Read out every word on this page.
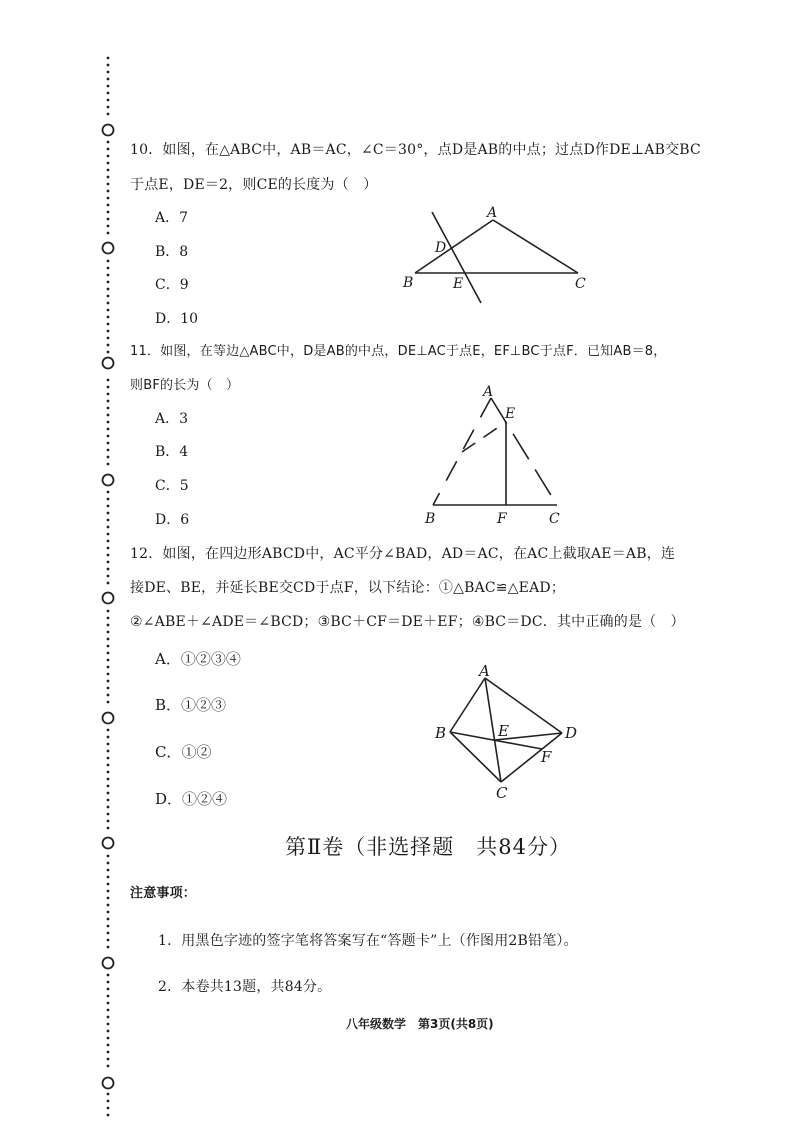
10．如图，在△ABC中，AB＝AC，∠C＝30°，点D是AB的中点；过点D作DE⊥AB交BC
于点E，DE＝2，则CE的长度为（　）
A．7
B．8
C．9
D．10
A
D
B	E	C
11．如图，在等边△ABC中，D是AB的中点，DE⊥AC于点E，EF⊥BC于点F．已知AB＝8，
则BF的长为（　）
A．3
B．4
C．5
D．6
A
E
B	F	C
12．如图，在四边形ABCD中，AC平分∠BAD，AD＝AC，在AC上截取AE＝AB，连
接DE、BE，并延长BE交CD于点F，以下结论：①△BAC≌△EAD；
②∠ABE＋∠ADE＝∠BCD；③BC＋CF＝DE＋EF；④BC＝DC．其中正确的是（　）
A．①②③④
B．①②③
C．①②
D．①②④
A
B	E	D
F
C
第Ⅱ卷（非选择题　共84分）
注意事项：
1．用黑色字迹的签字笔将答案写在“答题卡”上（作图用2B铅笔）。
2．本卷共13题，共84分。
八年级数学　第3页(共8页)
